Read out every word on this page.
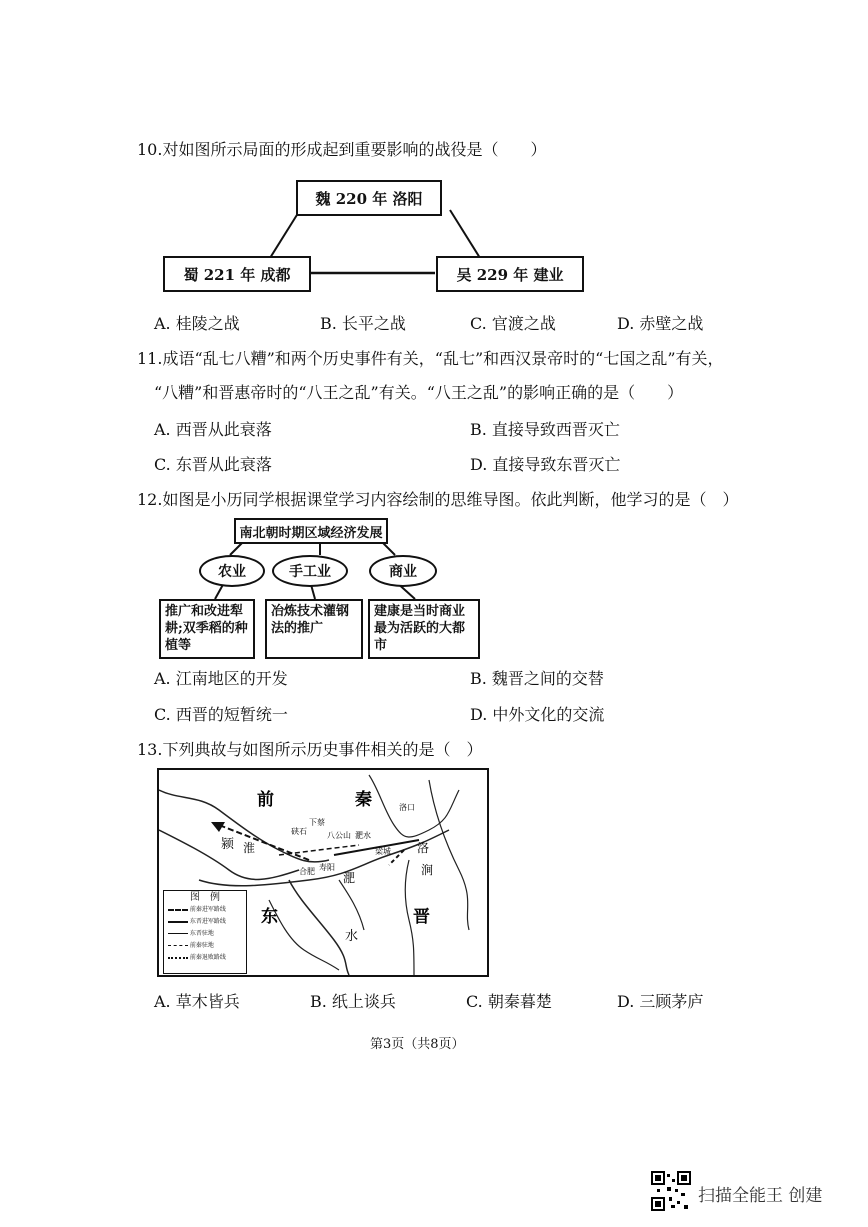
10.对如图所示局面的形成起到重要影响的战役是（　　）
魏 220 年 洛阳
蜀 221 年 成都	吴 229 年 建业
A. 桂陵之战	B. 长平之战	C. 官渡之战	D. 赤壁之战
11.成语“乱七八糟”和两个历史事件有关，“乱七”和西汉景帝时的“七国之乱”有关，
“八糟”和晋惠帝时的“八王之乱”有关。“八王之乱”的影响正确的是（　　）
A. 西晋从此衰落	B. 直接导致西晋灭亡
C. 东晋从此衰落	D. 直接导致东晋灭亡
12.如图是小历同学根据课堂学习内容绘制的思维导图。依此判断，他学习的是（　）
南北朝时期区域经济发展
农业	手工业	商业
推广和改进犁耕;双季稻的种植等
冶炼技术灌钢法的推广
建康是当时商业最为活跃的大都市
A. 江南地区的开发	B. 魏晋之间的交替
C. 西晋的短暂统一	D. 中外文化的交流
13.下列典故与如图所示历史事件相关的是（　）
前	秦
东	晋
颍
水
淝
淮	洛
涧
下蔡
硖石
寿阳
八公山 淝水
洛口
合肥
梁城
图　例
前秦进军路线
东晋进军路线
东晋驻地
前秦驻地
前秦退败路线
A. 草木皆兵	B. 纸上谈兵	C. 朝秦暮楚	D. 三顾茅庐
第3页（共8页）
扫描全能王 创建
